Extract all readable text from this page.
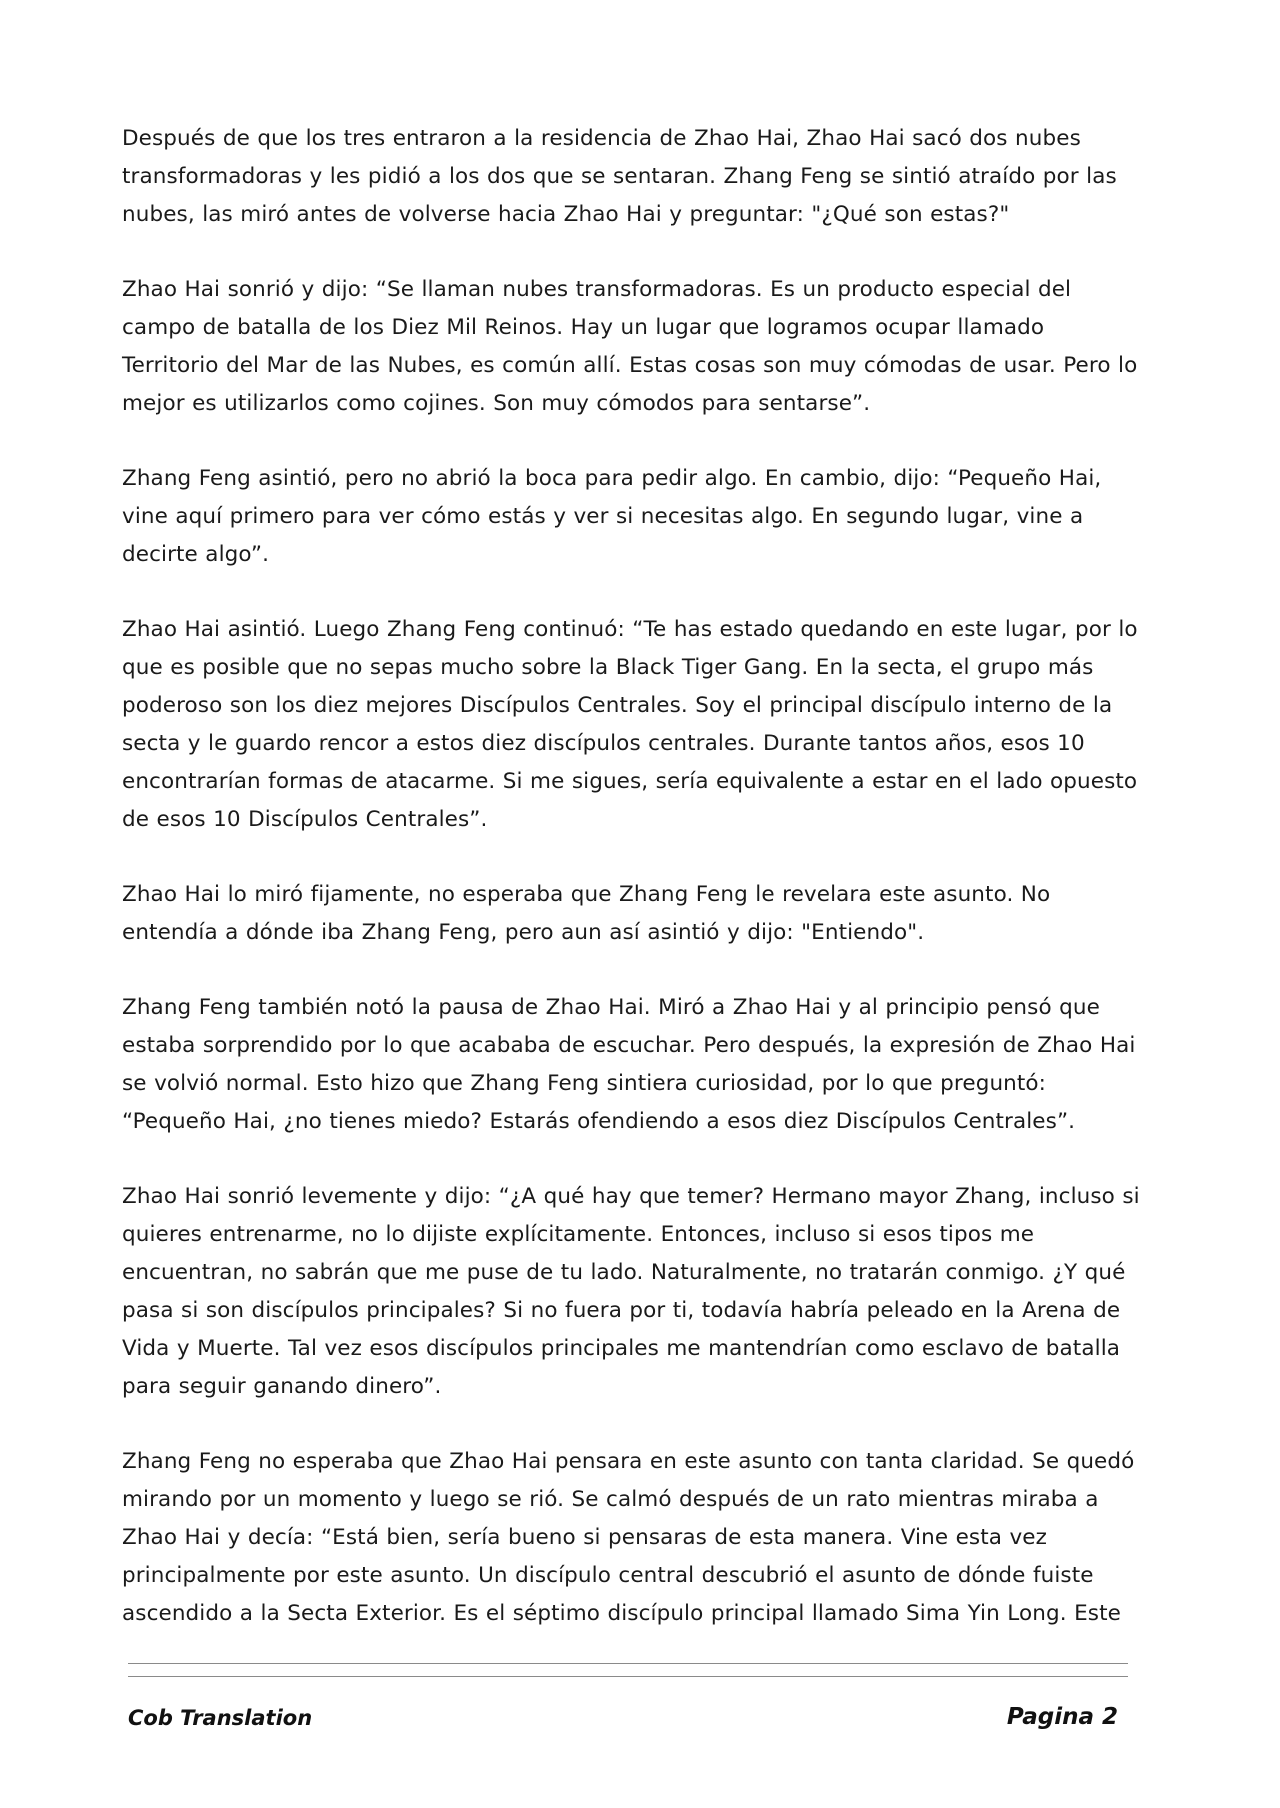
Después de que los tres entraron a la residencia de Zhao Hai, Zhao Hai sacó dos nubes transformadoras y les pidió a los dos que se sentaran. Zhang Feng se sintió atraído por las nubes, las miró antes de volverse hacia Zhao Hai y preguntar: "¿Qué son estas?"

Zhao Hai sonrió y dijo: “Se llaman nubes transformadoras. Es un producto especial del campo de batalla de los Diez Mil Reinos. Hay un lugar que logramos ocupar llamado Territorio del Mar de las Nubes, es común allí. Estas cosas son muy cómodas de usar. Pero lo mejor es utilizarlos como cojines. Son muy cómodos para sentarse”.

Zhang Feng asintió, pero no abrió la boca para pedir algo. En cambio, dijo: “Pequeño Hai, vine aquí primero para ver cómo estás y ver si necesitas algo. En segundo lugar, vine a decirte algo”.

Zhao Hai asintió. Luego Zhang Feng continuó: “Te has estado quedando en este lugar, por lo que es posible que no sepas mucho sobre la Black Tiger Gang. En la secta, el grupo más poderoso son los diez mejores Discípulos Centrales. Soy el principal discípulo interno de la secta y le guardo rencor a estos diez discípulos centrales. Durante tantos años, esos 10 encontrarían formas de atacarme. Si me sigues, sería equivalente a estar en el lado opuesto de esos 10 Discípulos Centrales”.

Zhao Hai lo miró fijamente, no esperaba que Zhang Feng le revelara este asunto. No entendía a dónde iba Zhang Feng, pero aun así asintió y dijo: "Entiendo".

Zhang Feng también notó la pausa de Zhao Hai. Miró a Zhao Hai y al principio pensó que estaba sorprendido por lo que acababa de escuchar. Pero después, la expresión de Zhao Hai se volvió normal. Esto hizo que Zhang Feng sintiera curiosidad, por lo que preguntó: “Pequeño Hai, ¿no tienes miedo? Estarás ofendiendo a esos diez Discípulos Centrales”.

Zhao Hai sonrió levemente y dijo: “¿A qué hay que temer? Hermano mayor Zhang, incluso si quieres entrenarme, no lo dijiste explícitamente. Entonces, incluso si esos tipos me encuentran, no sabrán que me puse de tu lado. Naturalmente, no tratarán conmigo. ¿Y qué pasa si son discípulos principales? Si no fuera por ti, todavía habría peleado en la Arena de Vida y Muerte. Tal vez esos discípulos principales me mantendrían como esclavo de batalla para seguir ganando dinero”.

Zhang Feng no esperaba que Zhao Hai pensara en este asunto con tanta claridad. Se quedó mirando por un momento y luego se rió. Se calmó después de un rato mientras miraba a Zhao Hai y decía: “Está bien, sería bueno si pensaras de esta manera. Vine esta vez principalmente por este asunto. Un discípulo central descubrió el asunto de dónde fuiste ascendido a la Secta Exterior. Es el séptimo discípulo principal llamado Sima Yin Long. Este

Cob Translation	Pagina 2
